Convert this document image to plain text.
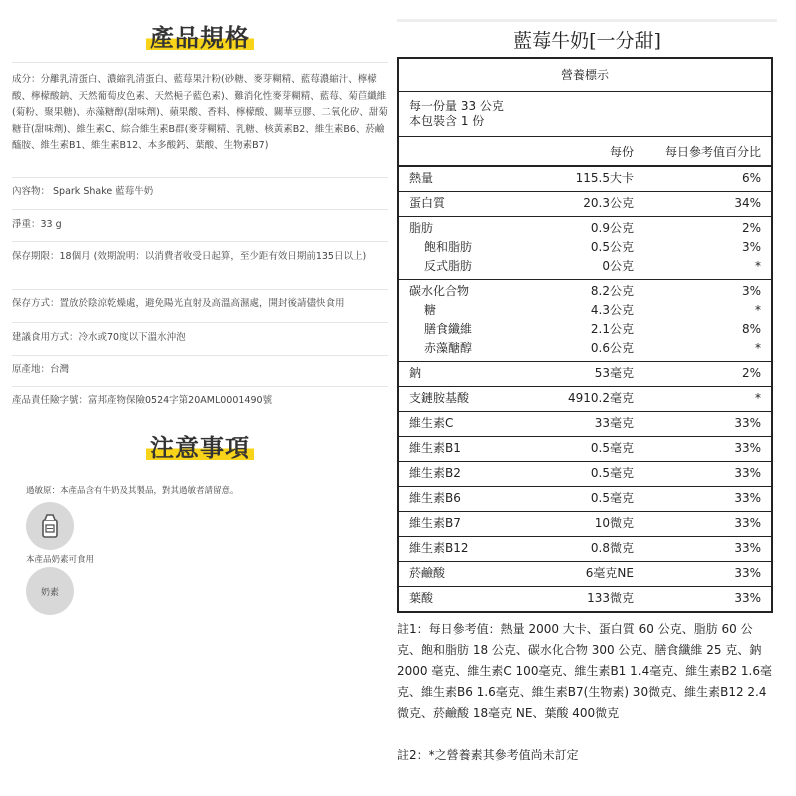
產品規格
成分：分離乳清蛋白、濃縮乳清蛋白、藍莓果汁粉(砂糖、麥芽糊精、藍莓濃縮汁、檸檬酸、檸檬酸鈉、天然葡萄皮色素、天然梔子藍色素)、難消化性麥芽糊精、藍莓、菊苣纖維(菊粉、聚果糖)、赤藻糖醇(甜味劑)、蘋果酸、香料、檸檬酸、關華豆膠、二氧化矽、甜菊糖苷(甜味劑)、維生素C、綜合維生素B群(麥芽糊精、乳糖、核黃素B2、維生素B6、菸鹼醯胺、維生素B1、維生素B12、本多酸鈣、葉酸、生物素B7)
內容物： Spark Shake 藍莓牛奶
淨重：33 g
保存期限：18個月 (效期說明：以消費者收受日起算，至少距有效日期前135日以上)
保存方式：置放於陰涼乾燥處，避免陽光直射及高溫高濕處，開封後請儘快食用
建議食用方式：冷水或70度以下溫水沖泡
原產地：台灣
產品責任險字號：富邦產物保險0524字第20AML0001490號
注意事項
過敏原：本產品含有牛奶及其製品，對其過敏者請留意。
本產品奶素可食用
奶素
藍莓牛奶[一分甜]
營養標示
每一份量 33 公克
本包裝含 1 份
每份	每日參考值百分比
熱量	115.5大卡	6%
蛋白質	20.3公克	34%
脂肪	0.9公克	2%
飽和脂肪	0.5公克	3%
反式脂肪	0公克	*
碳水化合物	8.2公克	3%
糖	4.3公克	*
膳食纖維	2.1公克	8%
赤藻醣醇	0.6公克	*
鈉	53毫克	2%
支鏈胺基酸	4910.2毫克	*
維生素C	33毫克	33%
維生素B1	0.5毫克	33%
維生素B2	0.5毫克	33%
維生素B6	0.5毫克	33%
維生素B7	10微克	33%
維生素B12	0.8微克	33%
菸鹼酸	6毫克NE	33%
葉酸	133微克	33%
註1：每日參考值：熱量 2000 大卡、蛋白質 60 公克、脂肪 60 公克、飽和脂肪 18 公克、碳水化合物 300 公克、膳食纖維 25 克、鈉 2000 毫克、維生素C 100毫克、維生素B1 1.4毫克、維生素B2 1.6毫克、維生素B6 1.6毫克、維生素B7(生物素) 30微克、維生素B12 2.4微克、菸鹼酸 18毫克 NE、葉酸 400微克
註2：*之營養素其參考值尚未訂定
